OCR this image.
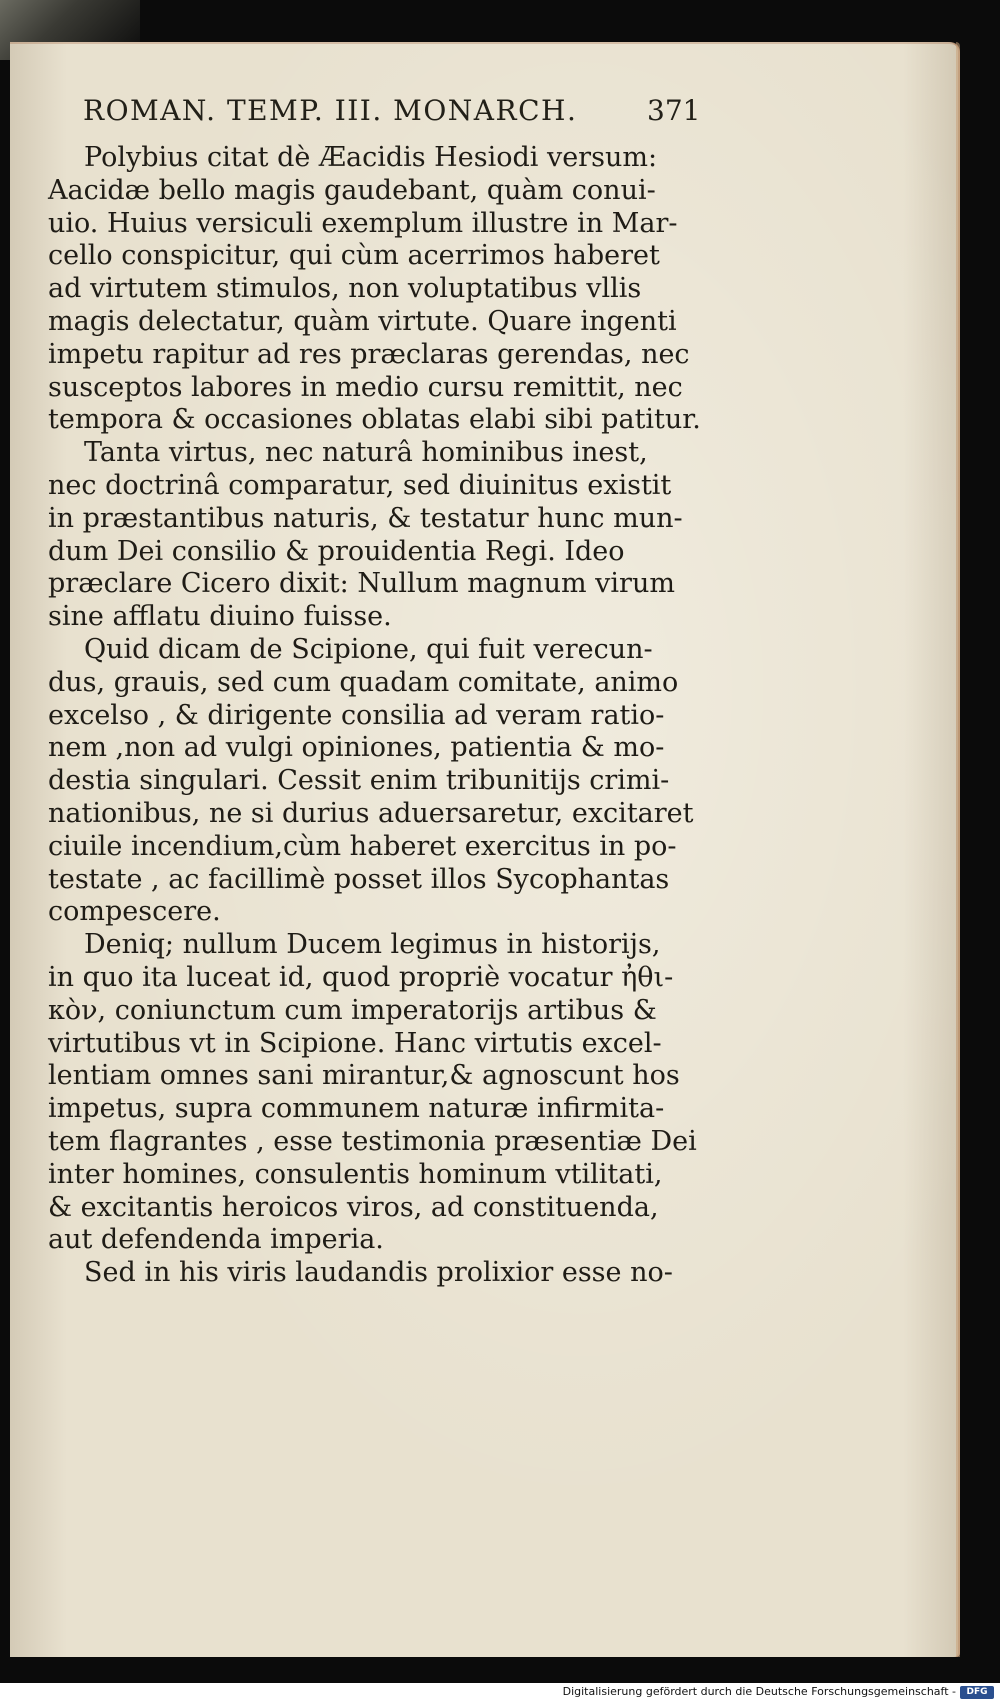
ROMAN. TEMP. III. MONARCH.	371
Polybius citat dè Æacidis Hesiodi versum:
Aacidæ bello magis gaudebant, quàm conui-
uio. Huius versiculi exemplum illustre in Mar-
cello conspicitur, qui cùm acerrimos haberet
ad virtutem stimulos, non voluptatibus vllis
magis delectatur, quàm virtute. Quare ingenti
impetu rapitur ad res præclaras gerendas, nec
susceptos labores in medio cursu remittit, nec
tempora & occasiones oblatas elabi sibi patitur.
Tanta virtus, nec naturâ hominibus inest,
nec doctrinâ comparatur, sed diuinitus existit
in præstantibus naturis, & testatur hunc mun-
dum Dei consilio & prouidentia Regi. Ideo
præclare Cicero dixit: Nullum magnum virum
sine afflatu diuino fuisse.
Quid dicam de Scipione, qui fuit verecun-
dus, grauis, sed cum quadam comitate, animo
excelso , & dirigente consilia ad veram ratio-
nem ,non ad vulgi opiniones, patientia & mo-
destia singulari. Cessit enim tribunitijs crimi-
nationibus, ne si durius aduersaretur, excitaret
ciuile incendium,cùm haberet exercitus in po-
testate , ac facillimè posset illos Sycophantas
compescere.
Deniq; nullum Ducem legimus in historijs,
in quo ita luceat id, quod propriè vocatur ἠθι-
κὸν, coniunctum cum imperatorijs artibus &
virtutibus vt in Scipione. Hanc virtutis excel-
lentiam omnes sani mirantur,& agnoscunt hos
impetus, supra communem naturæ infirmita-
tem flagrantes , esse testimonia præsentiæ Dei
inter homines, consulentis hominum vtilitati,
& excitantis heroicos viros, ad constituenda,
aut defendenda imperia.
Sed in his viris laudandis prolixior esse no-
Digitalisierung gefördert durch die Deutsche Forschungsgemeinschaft -	DFG
